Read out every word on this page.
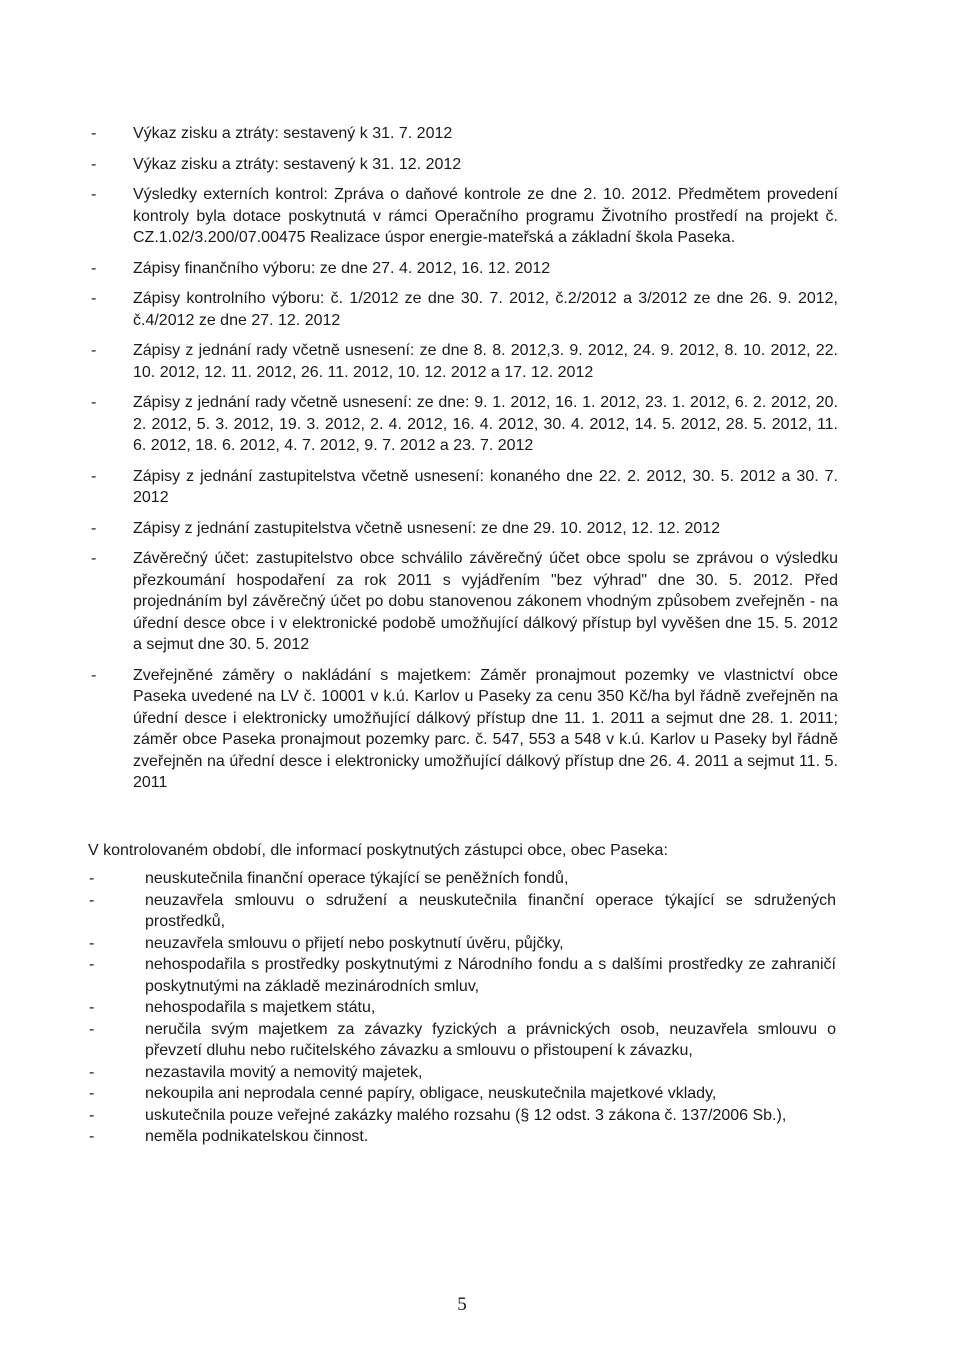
- Výkaz zisku a ztráty: sestavený k 31. 7. 2012
- Výkaz zisku a ztráty: sestavený k 31. 12. 2012
- Výsledky externích kontrol: Zpráva o daňové kontrole ze dne 2. 10. 2012. Předmětem provedení kontroly byla dotace poskytnutá v rámci Operačního programu Životního prostředí na projekt č. CZ.1.02/3.200/07.00475 Realizace úspor energie-mateřská a základní škola Paseka.
- Zápisy finančního výboru: ze dne 27. 4. 2012, 16. 12. 2012
- Zápisy kontrolního výboru: č. 1/2012 ze dne 30. 7. 2012, č.2/2012 a 3/2012 ze dne 26. 9. 2012, č.4/2012 ze dne 27. 12. 2012
- Zápisy z jednání rady včetně usnesení: ze dne 8. 8. 2012,3. 9. 2012, 24. 9. 2012, 8. 10. 2012, 22. 10. 2012, 12. 11. 2012, 26. 11. 2012, 10. 12. 2012 a 17. 12. 2012
- Zápisy z jednání rady včetně usnesení: ze dne: 9. 1. 2012, 16. 1. 2012, 23. 1. 2012, 6. 2. 2012, 20. 2. 2012, 5. 3. 2012, 19. 3. 2012, 2. 4. 2012, 16. 4. 2012, 30. 4. 2012, 14. 5. 2012, 28. 5. 2012, 11. 6. 2012, 18. 6. 2012, 4. 7. 2012, 9. 7. 2012 a 23. 7. 2012
- Zápisy z jednání zastupitelstva včetně usnesení: konaného dne 22. 2. 2012, 30. 5. 2012 a 30. 7. 2012
- Zápisy z jednání zastupitelstva včetně usnesení: ze dne 29. 10. 2012, 12. 12. 2012
- Závěrečný účet: zastupitelstvo obce schválilo závěrečný účet obce spolu se zprávou o výsledku přezkoumání hospodaření za rok 2011 s vyjádřením "bez výhrad" dne 30. 5. 2012. Před projednáním byl závěrečný účet po dobu stanovenou zákonem vhodným způsobem zveřejněn - na úřední desce obce i v elektronické podobě umožňující dálkový přístup byl vyvěšen dne 15. 5. 2012 a sejmut dne 30. 5. 2012
- Zveřejněné záměry o nakládání s majetkem: Záměr pronajmout pozemky ve vlastnictví obce Paseka uvedené na LV č. 10001 v k.ú. Karlov u Paseky za cenu 350 Kč/ha byl řádně zveřejněn na úřední desce i elektronicky umožňující dálkový přístup dne 11. 1. 2011 a sejmut dne 28. 1. 2011; záměr obce Paseka pronajmout pozemky parc. č. 547, 553 a 548 v k.ú. Karlov u Paseky byl řádně zveřejněn na úřední desce i elektronicky umožňující dálkový přístup dne 26. 4. 2011 a sejmut 11. 5. 2011

V kontrolovaném období, dle informací poskytnutých zástupci obce, obec Paseka:

-	neuskutečnila finanční operace týkající se peněžních fondů,
-	neuzavřela smlouvu o sdružení a neuskutečnila finanční operace týkající se sdružených prostředků,
-	neuzavřela smlouvu o přijetí nebo poskytnutí úvěru, půjčky,
-	nehospodařila s prostředky poskytnutými z Národního fondu a s dalšími prostředky ze zahraničí poskytnutými na základě mezinárodních smluv,
-	nehospodařila s majetkem státu,
-	neručila svým majetkem za závazky fyzických a právnických osob, neuzavřela smlouvu o převzetí dluhu nebo ručitelského závazku a smlouvu o přistoupení k závazku,
-	nezastavila movitý a nemovitý majetek,
-	nekoupila ani neprodala cenné papíry, obligace, neuskutečnila majetkové vklady,
-	uskutečnila pouze veřejné zakázky malého rozsahu (§ 12 odst. 3 zákona č. 137/2006 Sb.),
-	neměla podnikatelskou činnost.
5
